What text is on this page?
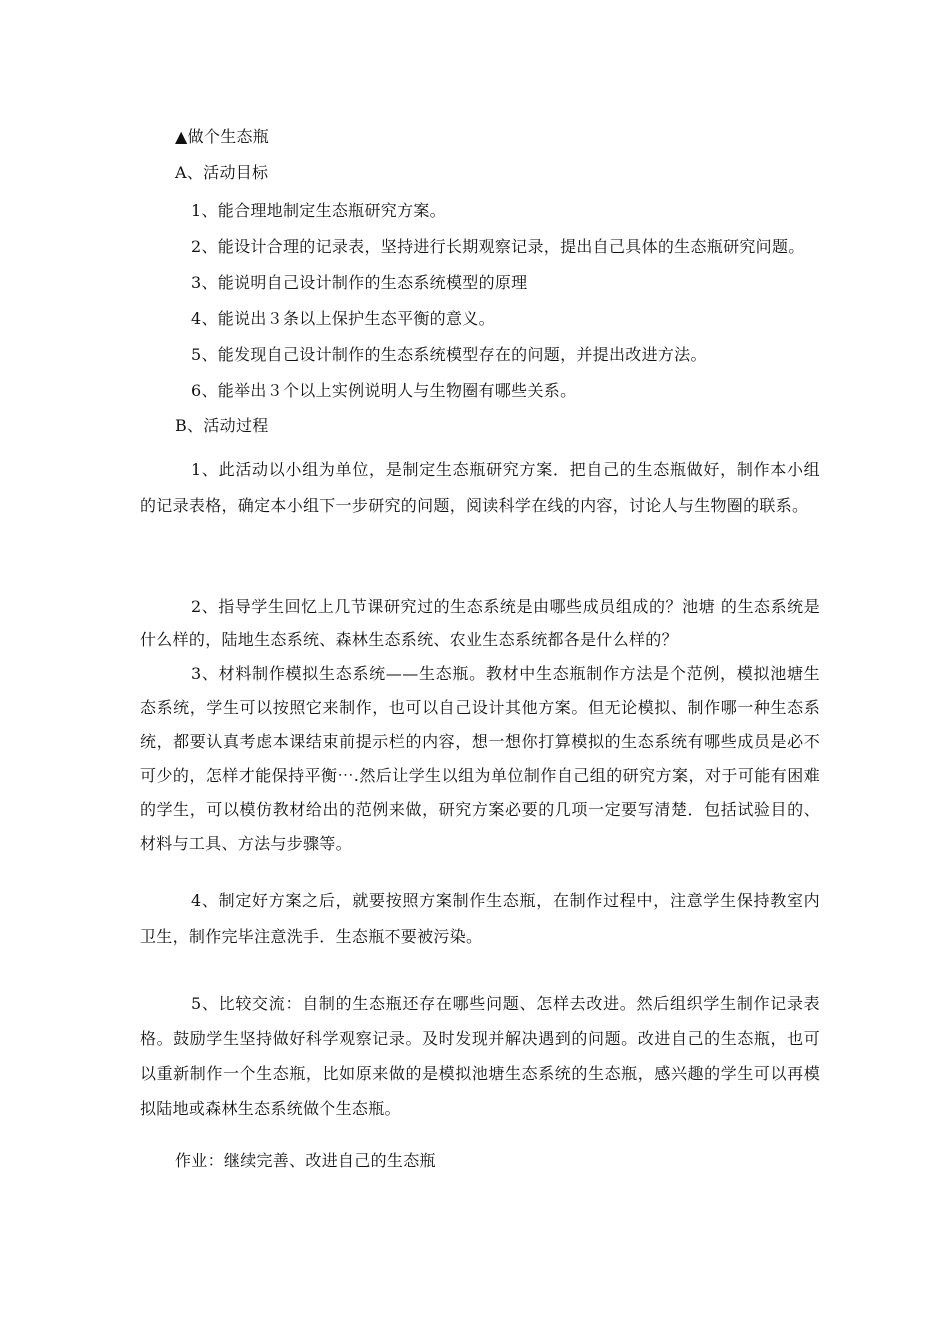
▲做个生态瓶
A、活动目标
1、能合理地制定生态瓶研究方案。
2、能设计合理的记录表，坚持进行长期观察记录，提出自己具体的生态瓶研究问题。
3、能说明自己设计制作的生态系统模型的原理
4、能说出３条以上保护生态平衡的意义。
5、能发现自己设计制作的生态系统模型存在的问题，并提出改进方法。
6、能举出３个以上实例说明人与生物圈有哪些关系。
B、活动过程
1、此活动以小组为单位，是制定生态瓶研究方案．把自己的生态瓶做好，制作本小组的记录表格，确定本小组下一步研究的问题，阅读科学在线的内容，讨论人与生物圈的联系。
2、指导学生回忆上几节课研究过的生态系统是由哪些成员组成的？池塘 的生态系统是什么样的，陆地生态系统、森林生态系统、农业生态系统都各是什么样的？
3、材料制作模拟生态系统——生态瓶。教材中生态瓶制作方法是个范例，模拟池塘生态系统，学生可以按照它来制作，也可以自己设计其他方案。但无论模拟、制作哪一种生态系统，都要认真考虑本课结束前提示栏的内容，想一想你打算模拟的生态系统有哪些成员是必不可少的，怎样才能保持平衡⋯.然后让学生以组为单位制作自己组的研究方案，对于可能有困难的学生，可以模仿教材给出的范例来做，研究方案必要的几项一定要写清楚．包括试验目的、材料与工具、方法与步骤等。
4、制定好方案之后，就要按照方案制作生态瓶，在制作过程中，注意学生保持教室内卫生，制作完毕注意洗手．生态瓶不要被污染。
5、比较交流：自制的生态瓶还存在哪些问题、怎样去改进。然后组织学生制作记录表格。鼓励学生坚持做好科学观察记录。及时发现并解决遇到的问题。改进自己的生态瓶，也可以重新制作一个生态瓶，比如原来做的是模拟池塘生态系统的生态瓶，感兴趣的学生可以再模拟陆地或森林生态系统做个生态瓶。
作业：继续完善、改进自己的生态瓶
